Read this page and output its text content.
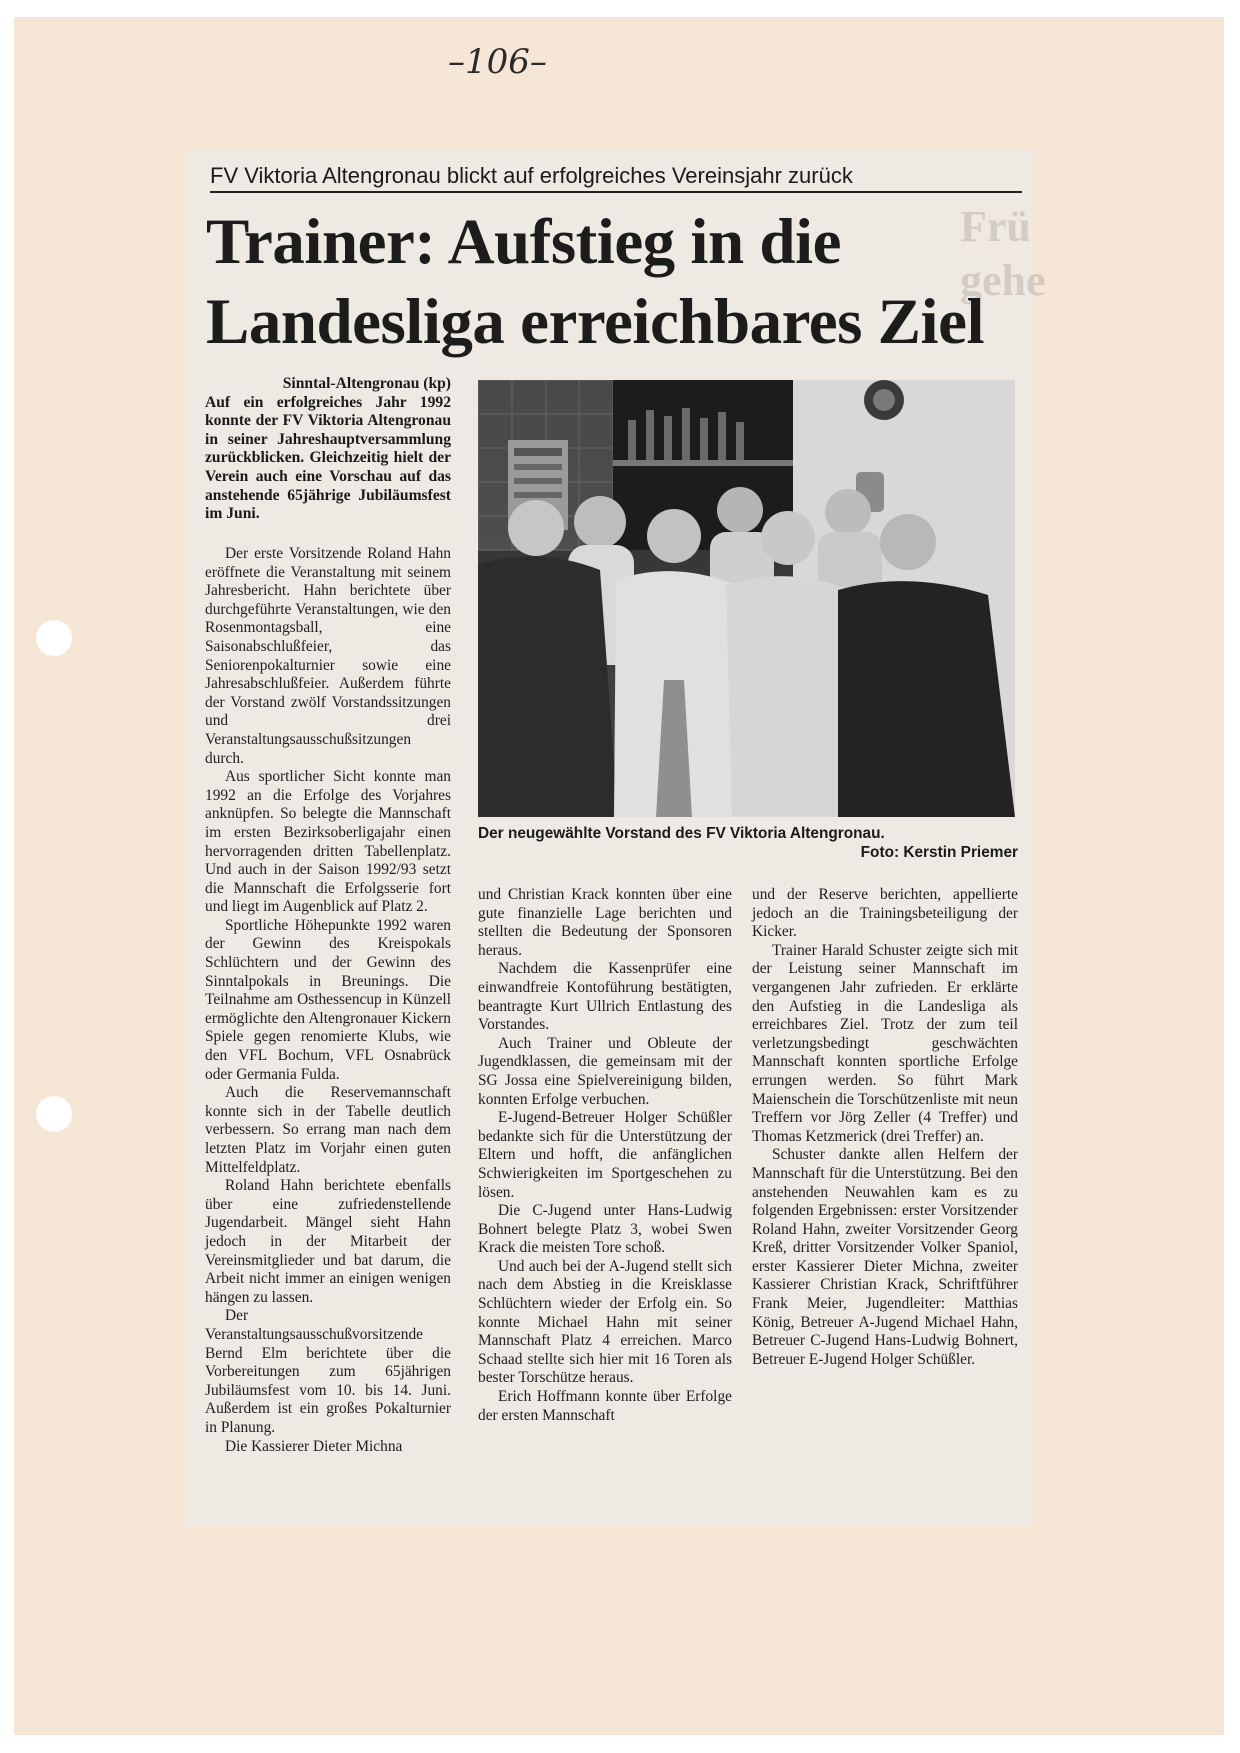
–106–
Frü
gehe
FV Viktoria Altengronau blickt auf erfolgreiches Vereinsjahr zurück
Trainer: Aufstieg in die
Landesliga erreichbares Ziel
Sinntal-Altengronau (kp)
Auf ein erfolgreiches Jahr 1992 konnte der FV Viktoria Altengronau in seiner Jahreshauptversammlung zurückblicken. Gleichzeitig hielt der Verein auch eine Vorschau auf das anstehende 65jährige Jubiläumsfest im Juni.
Der neugewählte Vorstand des FV Viktoria Altengronau.
Foto: Kerstin Priemer

Der erste Vorsitzende Roland Hahn eröffnete die Veranstaltung mit seinem Jahresbericht. Hahn berichtete über durchgeführte Veranstaltungen, wie den Rosenmontagsball, eine Saisonabschlußfeier, das Seniorenpokalturnier sowie eine Jahresabschlußfeier. Außerdem führte der Vorstand zwölf Vorstandssitzungen und drei Veranstaltungsausschußsitzungen durch.

Aus sportlicher Sicht konnte man 1992 an die Erfolge des Vorjahres anknüpfen. So belegte die Mannschaft im ersten Bezirksoberligajahr einen hervorragenden dritten Tabellenplatz. Und auch in der Saison 1992/93 setzt die Mannschaft die Erfolgsserie fort und liegt im Augenblick auf Platz 2.

Sportliche Höhepunkte 1992 waren der Gewinn des Kreispokals Schlüchtern und der Gewinn des Sinntalpokals in Breunings. Die Teilnahme am Osthessencup in Künzell ermöglichte den Altengronauer Kickern Spiele gegen renomierte Klubs, wie den VFL Bochum, VFL Osnabrück oder Germania Fulda.

Auch die Reservemannschaft konnte sich in der Tabelle deutlich verbessern. So errang man nach dem letzten Platz im Vorjahr einen guten Mittelfeldplatz.

Roland Hahn berichtete ebenfalls über eine zufriedenstellende Jugendarbeit. Mängel sieht Hahn jedoch in der Mitarbeit der Vereinsmitglieder und bat darum, die Arbeit nicht immer an einigen wenigen hängen zu lassen.

Der Veranstaltungsausschußvorsitzende Bernd Elm berichtete über die Vorbereitungen zum 65jährigen Jubiläumsfest vom 10. bis 14. Juni. Außerdem ist ein großes Pokalturnier in Planung.

Die Kassierer Dieter Michna

und Christian Krack konnten über eine gute finanzielle Lage berichten und stellten die Bedeutung der Sponsoren heraus.

Nachdem die Kassenprüfer eine einwandfreie Kontoführung bestätigten, beantragte Kurt Ullrich Entlastung des Vorstandes.

Auch Trainer und Obleute der Jugendklassen, die gemeinsam mit der SG Jossa eine Spielvereinigung bilden, konnten Erfolge verbuchen.

E-Jugend-Betreuer Holger Schüßler bedankte sich für die Unterstützung der Eltern und hofft, die anfänglichen Schwierigkeiten im Sportgeschehen zu lösen.

Die C-Jugend unter Hans-Ludwig Bohnert belegte Platz 3, wobei Swen Krack die meisten Tore schoß.

Und auch bei der A-Jugend stellt sich nach dem Abstieg in die Kreisklasse Schlüchtern wieder der Erfolg ein. So konnte Michael Hahn mit seiner Mannschaft Platz 4 erreichen. Marco Schaad stellte sich hier mit 16 Toren als bester Torschütze heraus.

Erich Hoffmann konnte über Erfolge der ersten Mannschaft

und der Reserve berichten, appellierte jedoch an die Trainingsbeteiligung der Kicker.

Trainer Harald Schuster zeigte sich mit der Leistung seiner Mannschaft im vergangenen Jahr zufrieden. Er erklärte den Aufstieg in die Landesliga als erreichbares Ziel. Trotz der zum teil verletzungsbedingt geschwächten Mannschaft konnten sportliche Erfolge errungen werden. So führt Mark Maienschein die Torschützenliste mit neun Treffern vor Jörg Zeller (4 Treffer) und Thomas Ketzmerick (drei Treffer) an.

Schuster dankte allen Helfern der Mannschaft für die Unterstützung. Bei den anstehenden Neuwahlen kam es zu folgenden Ergebnissen: erster Vorsitzender Roland Hahn, zweiter Vorsitzender Georg Kreß, dritter Vorsitzender Volker Spaniol, erster Kassierer Dieter Michna, zweiter Kassierer Christian Krack, Schriftführer Frank Meier, Jugendleiter: Matthias König, Betreuer A-Jugend Michael Hahn, Betreuer C-Jugend Hans-Ludwig Bohnert, Betreuer E-Jugend Holger Schüßler.
